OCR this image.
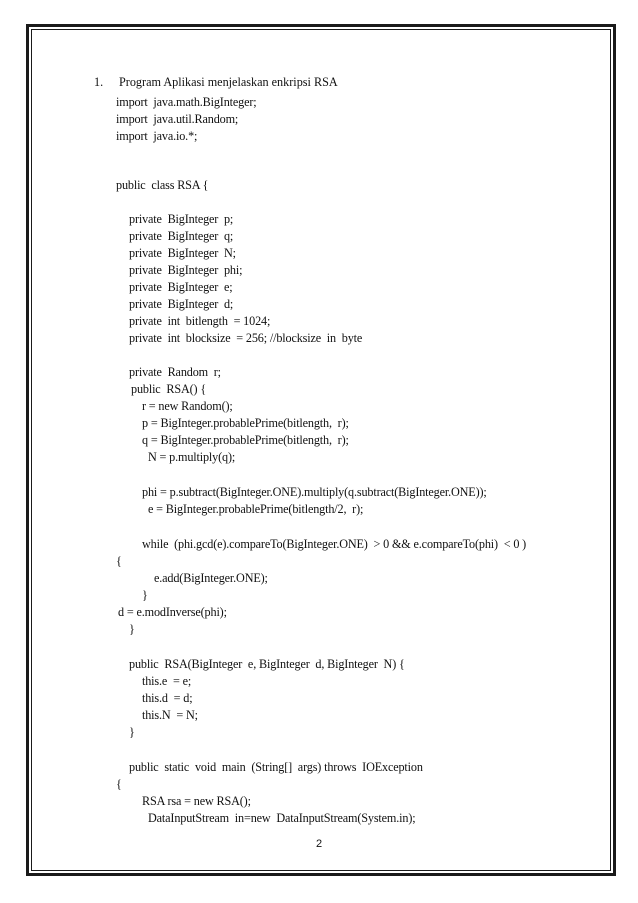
1. Program Aplikasi menjelaskan enkripsi RSA
import  java.math.BigInteger;
import  java.util.Random;
import  java.io.*;
public  class RSA {
private  BigInteger  p;
private  BigInteger  q;
private  BigInteger  N;
private  BigInteger  phi;
private  BigInteger  e;
private  BigInteger  d;
private  int  bitlength  = 1024;
private  int  blocksize  = 256; //blocksize  in  byte
private  Random  r;
public  RSA() {
r = new Random();
p = BigInteger.probablePrime(bitlength,  r);
q = BigInteger.probablePrime(bitlength,  r);
N = p.multiply(q);
phi = p.subtract(BigInteger.ONE).multiply(q.subtract(BigInteger.ONE));
e = BigInteger.probablePrime(bitlength/2,  r);
while  (phi.gcd(e).compareTo(BigInteger.ONE)  > 0 && e.compareTo(phi)  < 0 )
{
e.add(BigInteger.ONE);
}
d = e.modInverse(phi);
}
public  RSA(BigInteger  e, BigInteger  d, BigInteger  N) {
this.e  = e;
this.d  = d;
this.N  = N;
}
public  static  void  main  (String[]  args) throws  IOException
{
RSA rsa = new RSA();
DataInputStream  in=new  DataInputStream(System.in);
2
